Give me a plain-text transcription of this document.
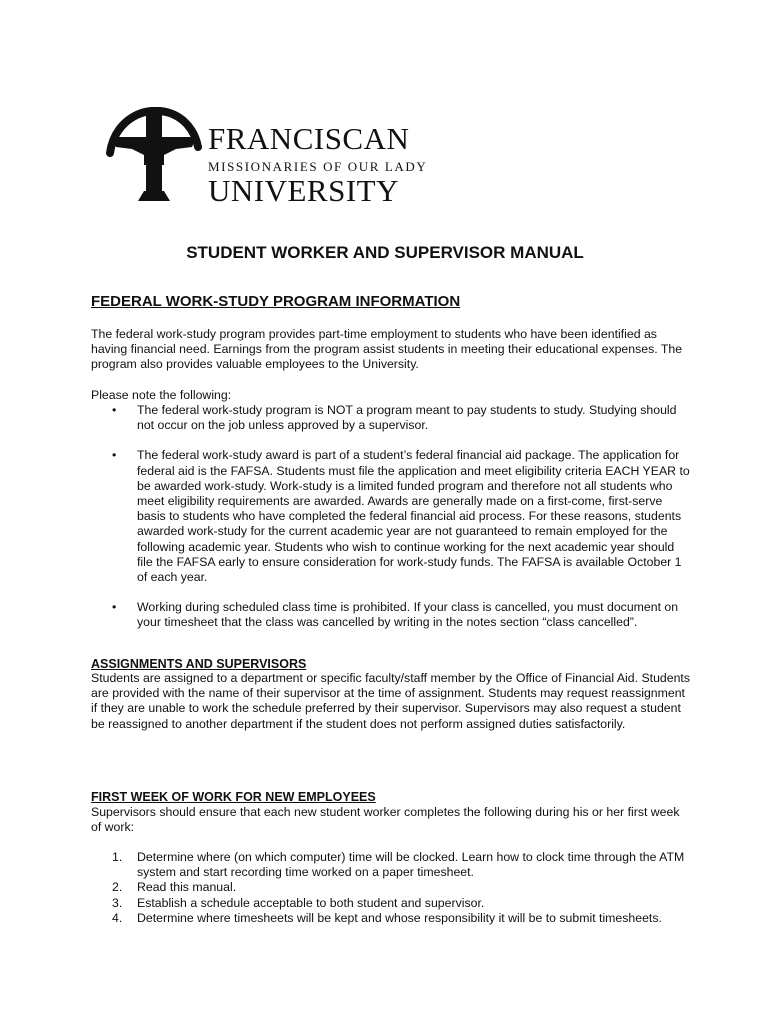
FRANCISCAN
MISSIONARIES OF OUR LADY
UNIVERSITY
STUDENT WORKER AND SUPERVISOR MANUAL
FEDERAL WORK-STUDY PROGRAM INFORMATION

The federal work-study program provides part-time employment to students who have been identified as having financial need. Earnings from the program assist students in meeting their educational expenses. The program also provides valuable employees to the University.

Please note the following:

• The federal work-study program is NOT a program meant to pay students to study. Studying should not occur on the job unless approved by a supervisor.
• The federal work-study award is part of a student’s federal financial aid package. The application for federal aid is the FAFSA. Students must file the application and meet eligibility criteria EACH YEAR to be awarded work-study. Work-study is a limited funded program and therefore not all students who meet eligibility requirements are awarded. Awards are generally made on a first-come, first-serve basis to students who have completed the federal financial aid process. For these reasons, students awarded work-study for the current academic year are not guaranteed to remain employed for the following academic year. Students who wish to continue working for the next academic year should file the FAFSA early to ensure consideration for work-study funds. The FAFSA is available October 1 of each year.
• Working during scheduled class time is prohibited. If your class is cancelled, you must document on your timesheet that the class was cancelled by writing in the notes section “class cancelled”.
ASSIGNMENTS AND SUPERVISORS

Students are assigned to a department or specific faculty/staff member by the Office of Financial Aid. Students are provided with the name of their supervisor at the time of assignment. Students may request reassignment if they are unable to work the schedule preferred by their supervisor. Supervisors may also request a student be reassigned to another department if the student does not perform assigned duties satisfactorily.

FIRST WEEK OF WORK FOR NEW EMPLOYEES

Supervisors should ensure that each new student worker completes the following during his or her first week of work:

1. Determine where (on which computer) time will be clocked. Learn how to clock time through the ATM system and start recording time worked on a paper timesheet.
2. Read this manual.
3. Establish a schedule acceptable to both student and supervisor.
4. Determine where timesheets will be kept and whose responsibility it will be to submit timesheets.
